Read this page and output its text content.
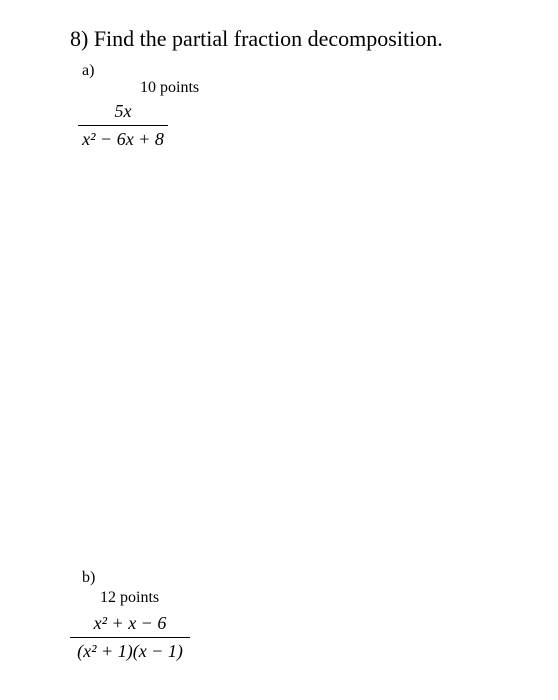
8) Find the partial fraction decomposition.
a)
10 points
5x
x² − 6x + 8
b)
12 points
x² + x − 6
(x² + 1)(x − 1)
